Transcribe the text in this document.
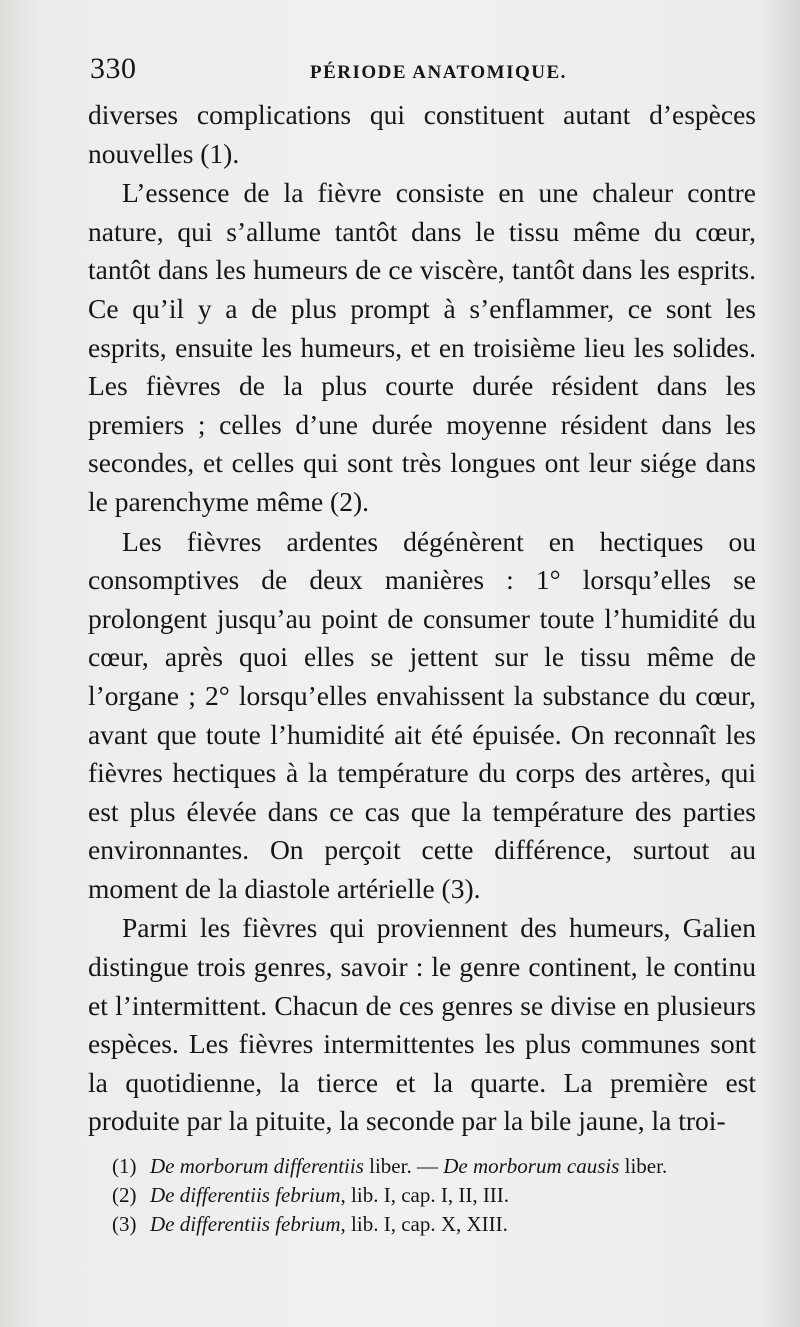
330	PÉRIODE ANATOMIQUE.

diverses complications qui constituent autant d’espèces nouvelles (1).

L’essence de la fièvre consiste en une chaleur contre nature, qui s’allume tantôt dans le tissu même du cœur, tantôt dans les humeurs de ce viscère, tantôt dans les esprits. Ce qu’il y a de plus prompt à s’enflammer, ce sont les esprits, ensuite les humeurs, et en troisième lieu les solides. Les fièvres de la plus courte durée résident dans les premiers ; celles d’une durée moyenne résident dans les secondes, et celles qui sont très longues ont leur siége dans le parenchyme même (2).

Les fièvres ardentes dégénèrent en hectiques ou consomptives de deux manières : 1° lorsqu’elles se prolongent jusqu’au point de consumer toute l’humidité du cœur, après quoi elles se jettent sur le tissu même de l’organe ; 2° lorsqu’elles envahissent la substance du cœur, avant que toute l’humidité ait été épuisée. On reconnaît les fièvres hectiques à la température du corps des artères, qui est plus élevée dans ce cas que la température des parties environnantes. On perçoit cette différence, surtout au moment de la diastole artérielle (3).

Parmi les fièvres qui proviennent des humeurs, Galien distingue trois genres, savoir : le genre continent, le continu et l’intermittent. Chacun de ces genres se divise en plusieurs espèces. Les fièvres intermittentes les plus communes sont la quotidienne, la tierce et la quarte. La première est produite par la pituite, la seconde par la bile jaune, la troi-

(1) De morborum differentiis liber. — De morborum causis liber.

(2) De differentiis febrium, lib. I, cap. I, II, III.

(3) De differentiis febrium, lib. I, cap. X, XIII.
